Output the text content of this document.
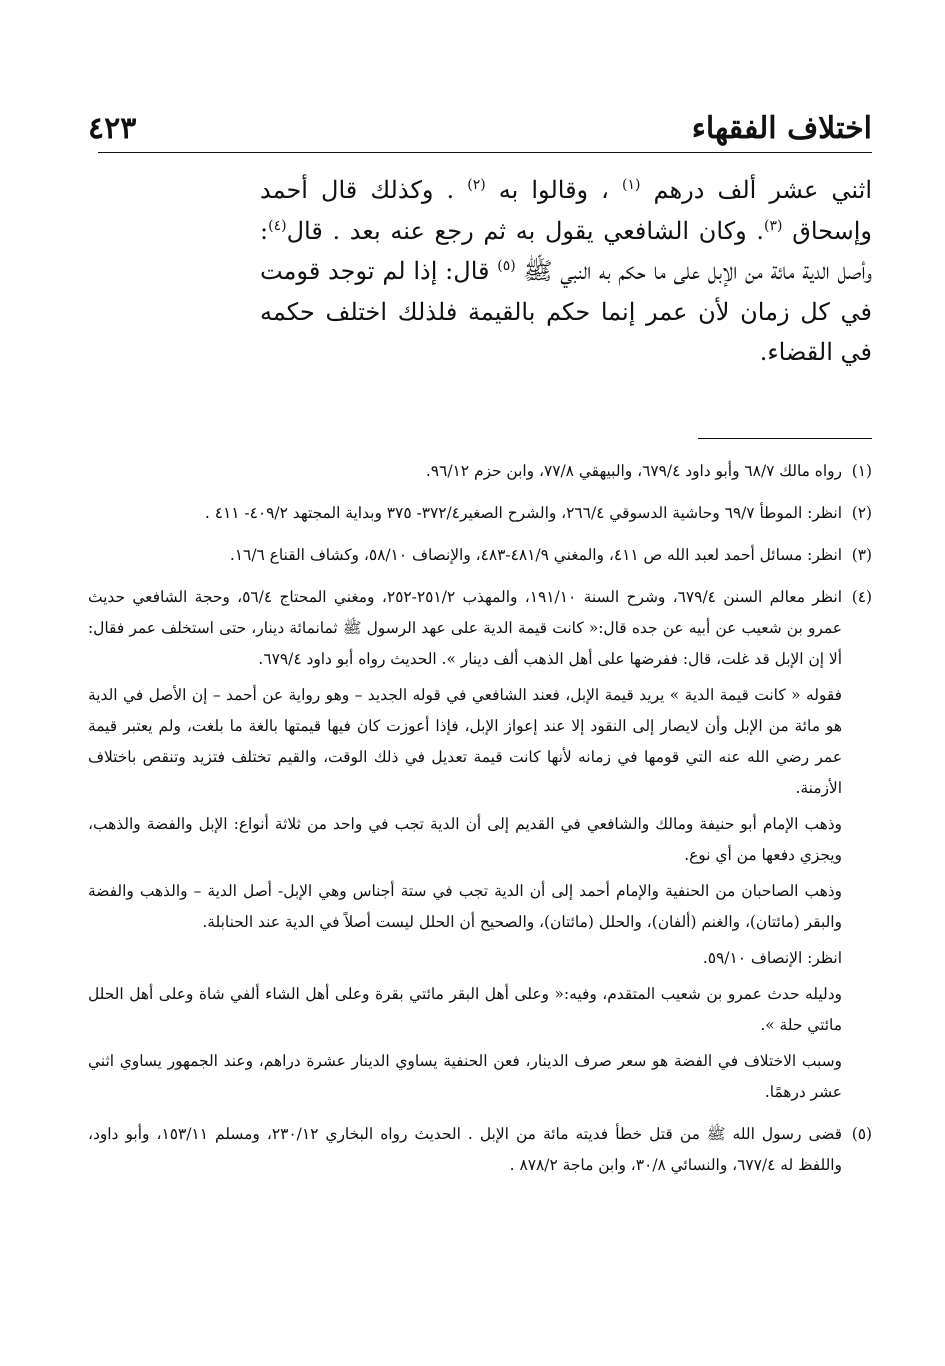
اختلاف الفقهاء
٤٢٣

اثني عشر ألف درهم $^{(١)}$ ، وقالوا به $^{(٢)}$ . وكذلك قال أحمد وإسحاق $^{(٣)}$. وكان الشافعي يقول به ثم رجع عنه بعد . قال$^{(٤)}$: وأصل الدية مائة من الإبل على ما حكم به النبي ﷺ $^{(٥)}$ قال: إذا لم توجد قومت في كل زمان لأن عمر إنما حكم بالقيمة فلذلك اختلف حكمه في القضاء.

(١)

رواه مالك ٦٨/٧ وأبو داود ٦٧٩/٤، والبيهقي ٧٧/٨، وابن حزم ٩٦/١٢.

(٢)

انظر: الموطأ ٦٩/٧ وحاشية الدسوقي ٢٦٦/٤، والشرح الصغير٣٧٢/٤- ٣٧٥ وبداية المجتهد ٤٠٩/٢- ٤١١ .

(٣)

انظر: مسائل أحمد لعبد الله ص ٤١١، والمغني ٤٨١/٩-٤٨٣، والإنصاف ٥٨/١٠، وكشاف القناع ١٦/٦.

(٤)

انظر معالم السنن ٦٧٩/٤، وشرح السنة ١٩١/١٠، والمهذب ٢٥١/٢-٢٥٢، ومغني المحتاج ٥٦/٤، وحجة الشافعي حديث عمرو بن شعيب عن أبيه عن جده قال:« كانت قيمة الدية على عهد الرسول ﷺ ثمانمائة دينار، حتى استخلف عمر فقال: ألا إن الإبل قد غلت، قال: ففرضها على أهل الذهب ألف دينار ». الحديث رواه أبو داود ٦٧٩/٤.

فقوله « كانت قيمة الدية » يريد قيمة الإبل، فعند الشافعي في قوله الجديد – وهو رواية عن أحمد – إن الأصل في الدية هو مائة من الإبل وأن لايصار إلى النقود إلا عند إعواز الإبل، فإذا أعوزت كان فيها قيمتها بالغة ما بلغت، ولم يعتبر قيمة عمر رضي الله عنه التي قومها في زمانه لأنها كانت قيمة تعديل في ذلك الوقت، والقيم تختلف فتزيد وتنقص باختلاف الأزمنة.

وذهب الإمام أبو حنيفة ومالك والشافعي في القديم إلى أن الدية تجب في واحد من ثلاثة أنواع: الإبل والفضة والذهب، ويجزي دفعها من أي نوع.

وذهب الصاحبان من الحنفية والإمام أحمد إلى أن الدية تجب في ستة أجناس وهي الإبل- أصل الدية – والذهب والفضة والبقر (مائتان)، والغنم (ألفان)، والحلل (مائتان)، والصحيح أن الحلل ليست أصلاً في الدية عند الحنابلة.

انظر: الإنصاف ٥٩/١٠.

ودليله حدث عمرو بن شعيب المتقدم، وفيه:« وعلى أهل البقر مائتي بقرة وعلى أهل الشاء ألفي شاة وعلى أهل الحلل مائتي حلة ».

وسبب الاختلاف في الفضة هو سعر صرف الدينار، فعن الحنفية يساوي الدينار عشرة دراهم، وعند الجمهور يساوي اثني عشر درهمًا.

(٥)

قضى رسول الله ﷺ من قتل خطأ فديته مائة من الإبل . الحديث رواه البخاري ٢٣٠/١٢، ومسلم ١٥٣/١١، وأبو داود، واللفظ له ٦٧٧/٤، والنسائي ٣٠/٨، وابن ماجة ٨٧٨/٢ .
